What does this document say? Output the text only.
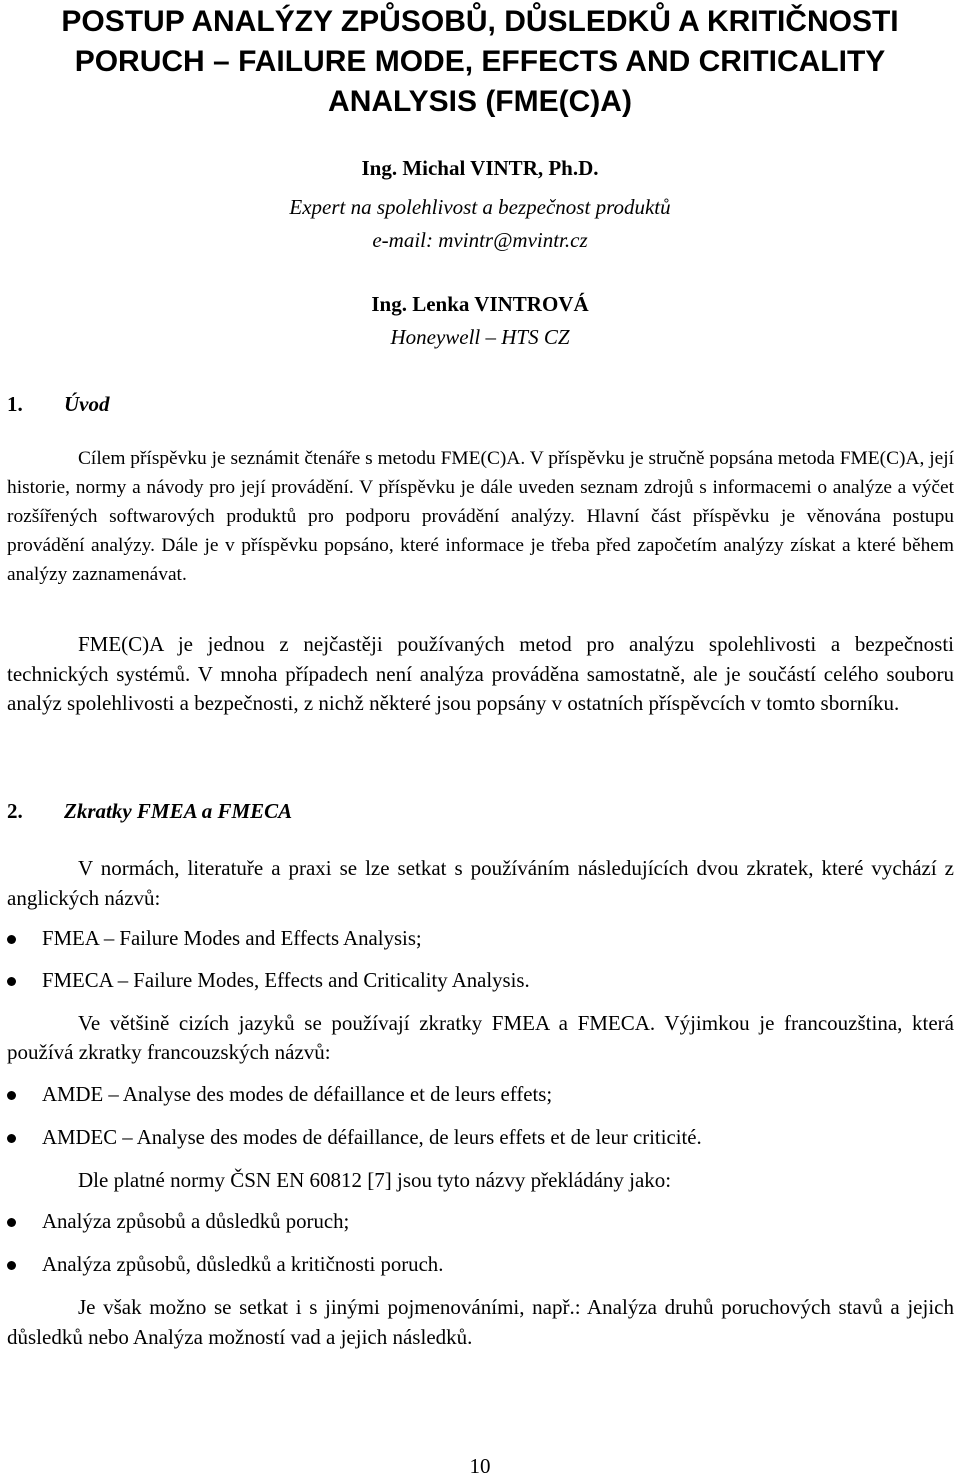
POSTUP ANALÝZY ZPŮSOBŮ, DŮSLEDKŮ A KRITIČNOSTI
PORUCH – FAILURE MODE, EFFECTS AND CRITICALITY
ANALYSIS (FME(C)A)
Ing. Michal VINTR, Ph.D.
Expert na spolehlivost a bezpečnost produktů
e-mail: mvintr@mvintr.cz
Ing. Lenka VINTROVÁ
Honeywell – HTS CZ
1. Úvod

Cílem příspěvku je seznámit čtenáře s metodu FME(C)A. V příspěvku je stručně popsána metoda FME(C)A, její historie, normy a návody pro její provádění. V příspěvku je dále uveden seznam zdrojů s informacemi o analýze a výčet rozšířených softwarových produktů pro podporu provádění analýzy. Hlavní část příspěvku je věnována postupu provádění analýzy. Dále je v příspěvku popsáno, které informace je třeba před započetím analýzy získat a které během analýzy zaznamenávat.

FME(C)A je jednou z nejčastěji používaných metod pro analýzu spolehlivosti a bezpečnosti technických systémů. V mnoha případech není analýza prováděna samostatně, ale je součástí celého souboru analýz spolehlivosti a bezpečnosti, z nichž některé jsou popsány v ostatních příspěvcích v tomto sborníku.

2. Zkratky FMEA a FMECA

V normách, literatuře a praxi se lze setkat s používáním následujících dvou zkratek, které vychází z anglických názvů:

FMEA – Failure Modes and Effects Analysis;
FMECA – Failure Modes, Effects and Criticality Analysis.

Ve většině cizích jazyků se používají zkratky FMEA a FMECA. Výjimkou je francouzština, která používá zkratky francouzských názvů:

AMDE – Analyse des modes de défaillance et de leurs effets;
AMDEC – Analyse des modes de défaillance, de leurs effets et de leur criticité.

Dle platné normy ČSN EN 60812 [7] jsou tyto názvy překládány jako:

Analýza způsobů a důsledků poruch;
Analýza způsobů, důsledků a kritičnosti poruch.

Je však možno se setkat i s jinými pojmenováními, např.: Analýza druhů poruchových stavů a jejich důsledků nebo Analýza možností vad a jejich následků.

10
